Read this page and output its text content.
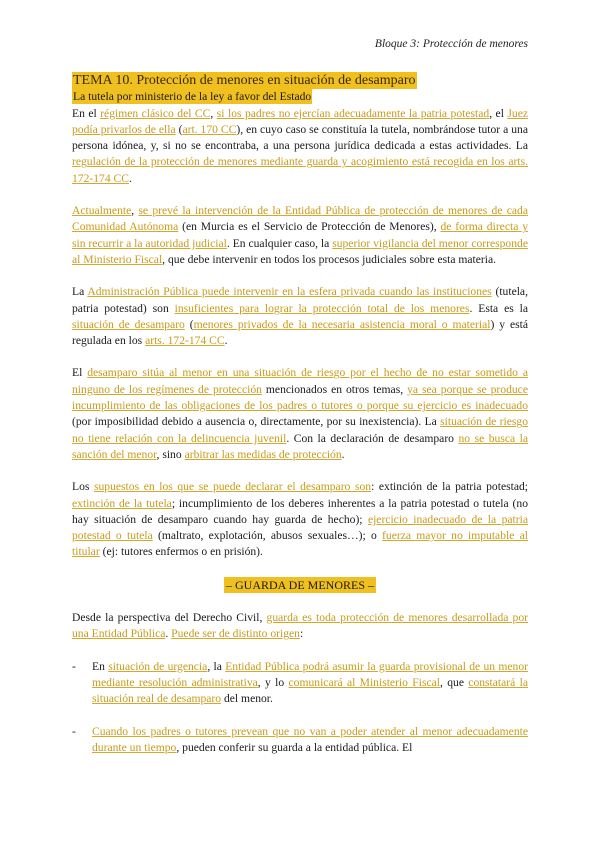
Bloque 3: Protección de menores
TEMA 10. Protección de menores en situación de desamparo
La tutela por ministerio de la ley a favor del Estado

En el régimen clásico del CC, si los padres no ejercían adecuadamente la patria potestad, el Juez podía privarlos de ella (art. 170 CC), en cuyo caso se constituía la tutela, nombrándose tutor a una persona idónea, y, si no se encontraba, a una persona jurídica dedicada a estas actividades. La regulación de la protección de menores mediante guarda y acogimiento está recogida en los arts. 172-174 CC.

Actualmente, se prevé la intervención de la Entidad Pública de protección de menores de cada Comunidad Autónoma (en Murcia es el Servicio de Protección de Menores), de forma directa y sin recurrir a la autoridad judicial. En cualquier caso, la superior vigilancia del menor corresponde al Ministerio Fiscal, que debe intervenir en todos los procesos judiciales sobre esta materia.

La Administración Pública puede intervenir en la esfera privada cuando las instituciones (tutela, patria potestad) son insuficientes para lograr la protección total de los menores. Esta es la situación de desamparo (menores privados de la necesaria asistencia moral o material) y está regulada en los arts. 172-174 CC.

El desamparo sitúa al menor en una situación de riesgo por el hecho de no estar sometido a ninguno de los regímenes de protección mencionados en otros temas, ya sea porque se produce incumplimiento de las obligaciones de los padres o tutores o porque su ejercicio es inadecuado (por imposibilidad debido a ausencia o, directamente, por su inexistencia). La situación de riesgo no tiene relación con la delincuencia juvenil. Con la declaración de desamparo no se busca la sanción del menor, sino arbitrar las medidas de protección.

Los supuestos en los que se puede declarar el desamparo son: extinción de la patria potestad; extinción de la tutela; incumplimiento de los deberes inherentes a la patria potestad o tutela (no hay situación de desamparo cuando hay guarda de hecho); ejercicio inadecuado de la patria potestad o tutela (maltrato, explotación, abusos sexuales…); o fuerza mayor no imputable al titular (ej: tutores enfermos o en prisión).

– GUARDA DE MENORES –

Desde la perspectiva del Derecho Civil, guarda es toda protección de menores desarrollada por una Entidad Pública. Puede ser de distinto origen:

- En situación de urgencia, la Entidad Pública podrá asumir la guarda provisional de un menor mediante resolución administrativa, y lo comunicará al Ministerio Fiscal, que constatará la situación real de desamparo del menor.
- Cuando los padres o tutores prevean que no van a poder atender al menor adecuadamente durante un tiempo, pueden conferir su guarda a la entidad pública. El
